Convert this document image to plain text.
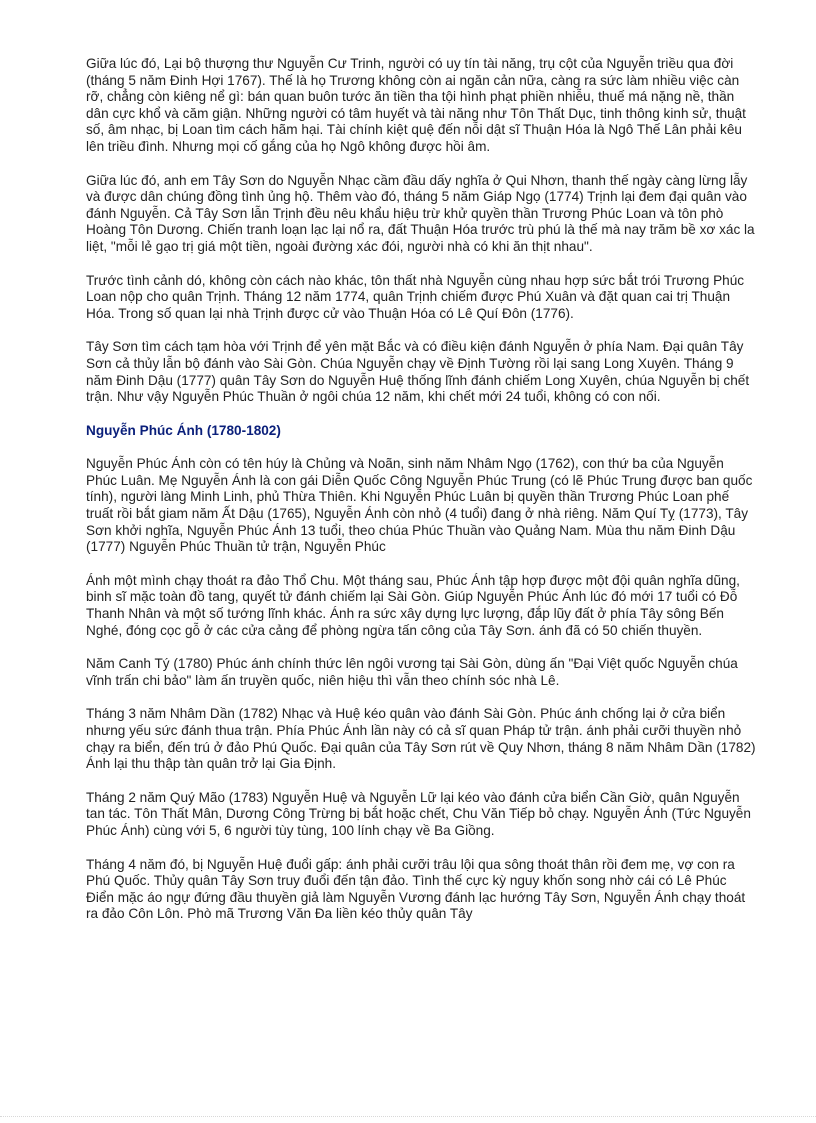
Giữa lúc đó, Lại bộ thượng thư Nguyễn Cư Trinh, người có uy tín tài năng, trụ cột của Nguyễn triều qua đời (tháng 5 năm Đinh Hợi 1767). Thế là họ Trương không còn ai ngăn cản nữa, càng ra sức làm nhiều việc càn rỡ, chẳng còn kiêng nể gì: bán quan buôn tước ăn tiền tha tội hình phạt phiền nhiễu, thuế má nặng nề, thần dân cực khổ và căm giận. Những người có tâm huyết và tài năng như Tôn Thất Dục, tinh thông kinh sử, thuật số, âm nhạc, bị Loan tìm cách hãm hại. Tài chính kiệt quệ đến nỗi dật sĩ Thuận Hóa là Ngô Thế Lân phải kêu lên triều đình. Nhưng mọi cố gắng của họ Ngô không được hồi âm.

Giữa lúc đó, anh em Tây Sơn do Nguyễn Nhạc cầm đầu dấy nghĩa ở Qui Nhơn, thanh thế ngày càng lừng lẫy và được dân chúng đồng tình ủng hộ. Thêm vào đó, tháng 5 năm Giáp Ngọ (1774) Trịnh lại đem đại quân vào đánh Nguyễn. Cả Tây Sơn lẫn Trịnh đều nêu khẩu hiệu trừ khử quyền thần Trương Phúc Loan và tôn phò Hoàng Tôn Dương. Chiến tranh loạn lạc lại nổ ra, đất Thuận Hóa trước trù phú là thế mà nay trăm bề xơ xác la liệt, "mỗi lẻ gạo trị giá một tiền, ngoài đường xác đói, người nhà có khi ăn thịt nhau".

Trước tình cảnh dó, không còn cách nào khác, tôn thất nhà Nguyễn cùng nhau hợp sức bắt trói Trương Phúc Loan nộp cho quân Trịnh. Tháng 12 năm 1774, quân Trịnh chiếm được Phú Xuân và đặt quan cai trị Thuận Hóa. Trong số quan lại nhà Trịnh được cử vào Thuận Hóa có Lê Quí Đôn (1776).

Tây Sơn tìm cách tạm hòa với Trịnh để yên mặt Bắc và có điều kiện đánh Nguyễn ở phía Nam. Đại quân Tây Sơn cả thủy lẫn bộ đánh vào Sài Gòn. Chúa Nguyễn chạy về Định Tường rồi lại sang Long Xuyên. Tháng 9 năm Đinh Dậu (1777) quân Tây Sơn do Nguyễn Huệ thống lĩnh đánh chiếm Long Xuyên, chúa Nguyễn bị chết trận. Như vậy Nguyễn Phúc Thuần ở ngôi chúa 12 năm, khi chết mới 24 tuổi, không có con nối.

Nguyễn Phúc Ánh (1780-1802)

Nguyễn Phúc Ánh còn có tên húy là Chủng và Noãn, sinh năm Nhâm Ngọ (1762), con thứ ba của Nguyễn Phúc Luân. Mẹ Nguyễn Ánh là con gái Diễn Quốc Công Nguyễn Phúc Trung (có lẽ Phúc Trung được ban quốc tính), người làng Minh Linh, phủ Thừa Thiên. Khi Nguyễn Phúc Luân bị quyền thần Trương Phúc Loan phế truất rồi bắt giam năm Ất Dậu (1765), Nguyễn Ánh còn nhỏ (4 tuổi) đang ở nhà riêng. Năm Quí Tỵ (1773), Tây Sơn khởi nghĩa, Nguyễn Phúc Ánh 13 tuổi, theo chúa Phúc Thuần vào Quảng Nam. Mùa thu năm Đinh Dậu (1777) Nguyễn Phúc Thuần tử trận, Nguyễn Phúc

Ánh một mình chạy thoát ra đảo Thổ Chu. Một tháng sau, Phúc Ánh tập hợp được một đội quân nghĩa dũng, binh sĩ mặc toàn đồ tang, quyết tử đánh chiếm lại Sài Gòn. Giúp Nguyễn Phúc Ánh lúc đó mới 17 tuổi có Đỗ Thanh Nhân và một số tướng lĩnh khác. Ánh ra sức xây dựng lực lượng, đắp lũy đất ở phía Tây sông Bến Nghé, đóng cọc gỗ ở các cửa cảng để phòng ngừa tấn công của Tây Sơn. ánh đã có 50 chiến thuyền.

Năm Canh Tý (1780) Phúc ánh chính thức lên ngôi vương tại Sài Gòn, dùng ấn "Đại Việt quốc Nguyễn chúa vĩnh trấn chi bảo" làm ấn truyền quốc, niên hiệu thì vẫn theo chính sóc nhà Lê.

Tháng 3 năm Nhâm Dần (1782) Nhạc và Huệ kéo quân vào đánh Sài Gòn. Phúc ánh chống lại ở cửa biển nhưng yếu sức đánh thua trận. Phía Phúc Ánh lần này có cả sĩ quan Pháp tử trận. ánh phải cưỡi thuyền nhỏ chạy ra biển, đến trú ở đảo Phú Quốc. Đại quân của Tây Sơn rút về Quy Nhơn, tháng 8 năm Nhâm Dần (1782) Ánh lại thu thập tàn quân trở lại Gia Định.

Tháng 2 năm Quý Mão (1783) Nguyễn Huệ và Nguyễn Lữ lại kéo vào đánh cửa biển Cần Giờ, quân Nguyễn tan tác. Tôn Thất Mân, Dương Công Trừng bị bắt hoặc chết, Chu Văn Tiếp bỏ chạy. Nguyễn Ánh (Tức Nguyễn Phúc Ánh) cùng với 5, 6 người tùy tùng, 100 lính chạy về Ba Giồng.

Tháng 4 năm đó, bị Nguyễn Huệ đuổi gấp: ánh phải cưỡi trâu lội qua sông thoát thân rồi đem mẹ, vợ con ra Phú Quốc. Thủy quân Tây Sơn truy đuổi đến tận đảo. Tình thế cực kỳ nguy khốn song nhờ cái có Lê Phúc Điển mặc áo ngự đứng đầu thuyền giả làm Nguyễn Vương đánh lạc hướng Tây Sơn, Nguyễn Ánh chạy thoát ra đảo Côn Lôn. Phò mã Trương Văn Đa liền kéo thủy quân Tây
